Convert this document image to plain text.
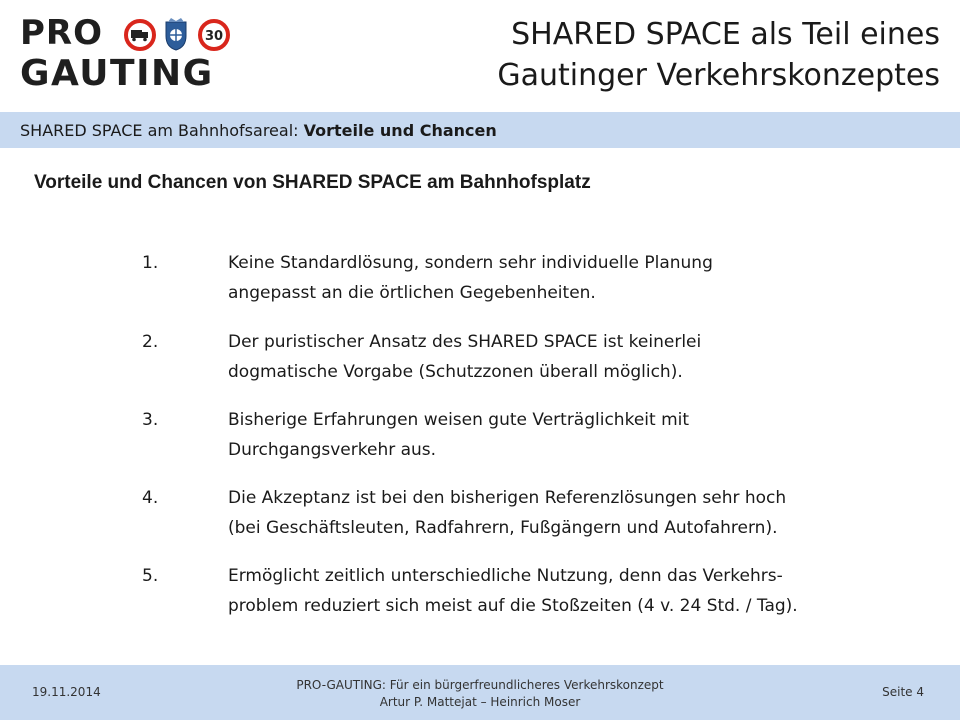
PRO	30
GAUTING
SHARED SPACE als Teil eines
Gautinger Verkehrskonzeptes
SHARED SPACE am Bahnhofsareal: Vorteile und Chancen
Vorteile und Chancen von SHARED SPACE am Bahnhofsplatz
1.	Keine Standardlösung, sondern sehr individuelle Planung
angepasst an die örtlichen Gegebenheiten.
2.	Der puristischer Ansatz des SHARED SPACE ist keinerlei
dogmatische Vorgabe (Schutzzonen überall möglich).
3.	Bisherige Erfahrungen weisen gute Verträglichkeit mit
Durchgangsverkehr aus.
4.	Die Akzeptanz ist bei den bisherigen Referenzlösungen sehr hoch
(bei Geschäftsleuten, Radfahrern, Fußgängern und Autofahrern).
5.	Ermöglicht zeitlich unterschiedliche Nutzung, denn das Verkehrs-
problem reduziert sich meist auf die Stoßzeiten (4 v. 24 Std. / Tag).
19.11.2014	PRO-GAUTING: Für ein bürgerfreundlicheres Verkehrskonzept
Artur P. Mattejat – Heinrich Moser
Seite 4
